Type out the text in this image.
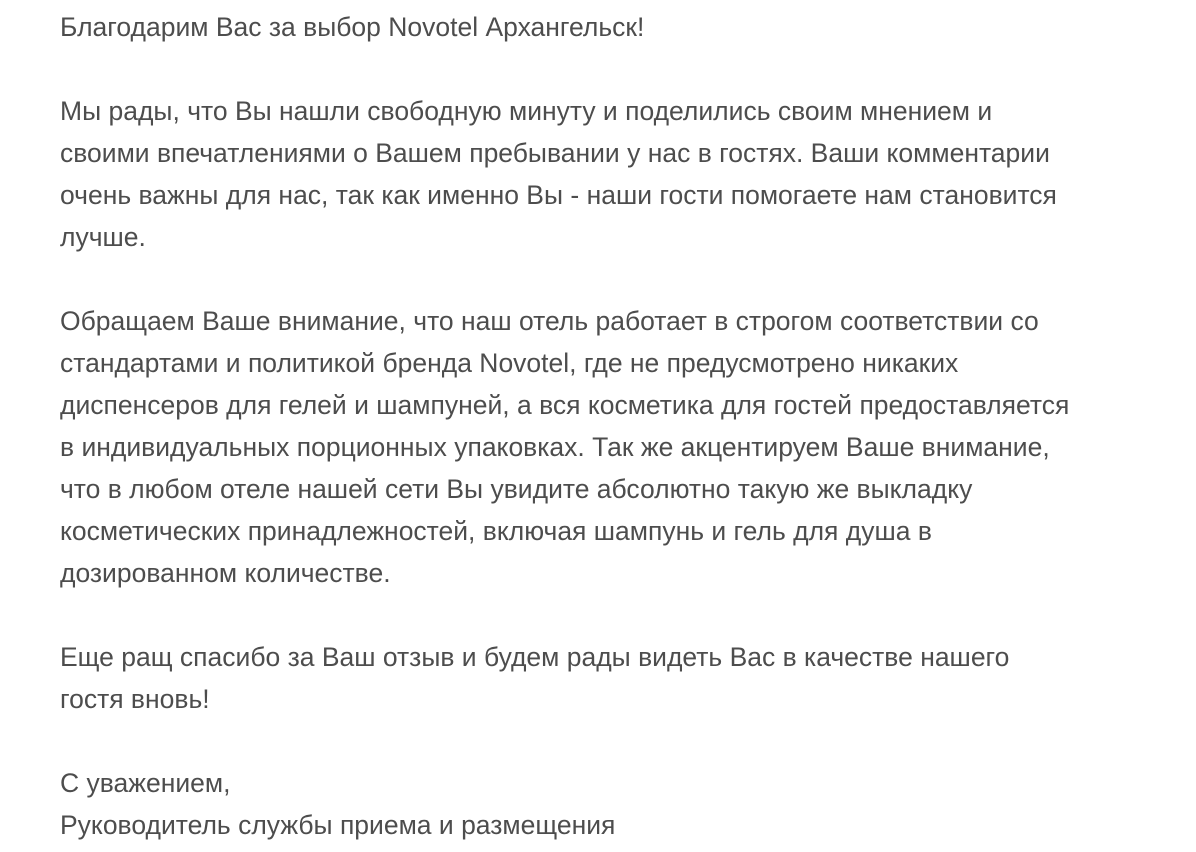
Благодарим Вас за выбор Novotel Архангельск!

Мы рады, что Вы нашли свободную минуту и поделились своим мнением и
своими впечатлениями о Вашем пребывании у нас в гостях. Ваши комментарии
очень важны для нас, так как именно Вы - наши гости помогаете нам становится
лучше.

Обращаем Ваше внимание, что наш отель работает в строгом соответствии со
стандартами и политикой бренда Novotel, где не предусмотрено никаких
диспенсеров для гелей и шампуней, а вся косметика для гостей предоставляется
в индивидуальных порционных упаковках. Так же акцентируем Ваше внимание,
что в любом отеле нашей сети Вы увидите абсолютно такую же выкладку
косметических принадлежностей, включая шампунь и гель для душа в
дозированном количестве.

Еще ращ спасибо за Ваш отзыв и будем рады видеть Вас в качестве нашего
гостя вновь!

С уважением,

Руководитель службы приема и размещения
